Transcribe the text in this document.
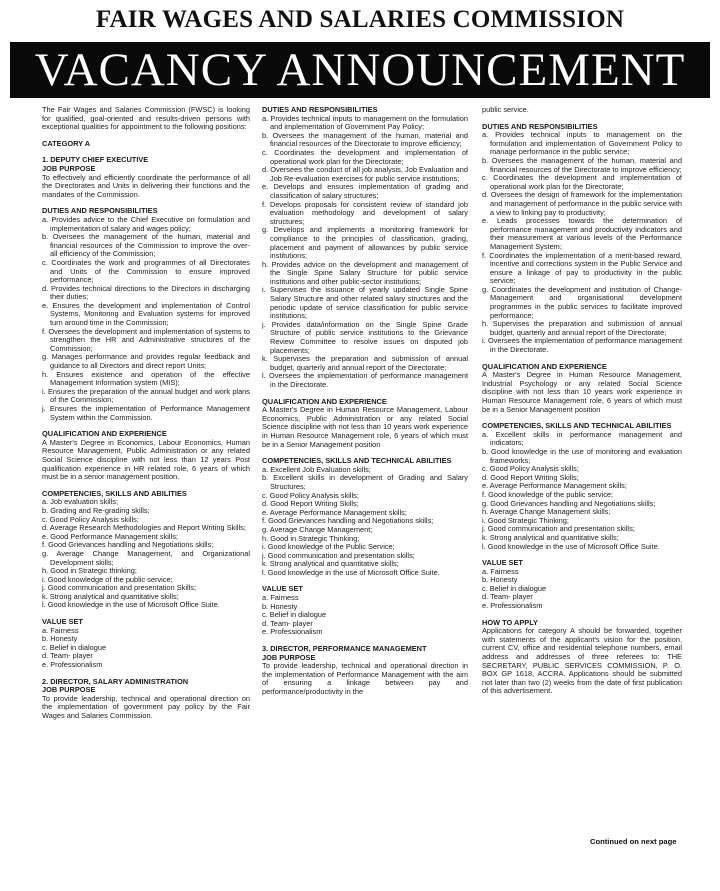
FAIR WAGES AND SALARIES COMMISSION
VACANCY ANNOUNCEMENT

The Fair Wages and Salaries Commission (FWSC) is looking for qualified, goal-oriented and results-driven persons with exceptional qualities for appointment to the following positions:

CATEGORY A
1. DEPUTY CHIEF EXECUTIVE
JOB PURPOSE

To effectively and efficiently coordinate the performance of all the Directorates and Units in delivering their functions and the mandates of the Commission.

DUTIES AND RESPONSIBILITIES
a. Provides advice to the Chief Executive on formulation and implementation of salary and wages policy;
b. Oversees the management of the human, material and financial resources of the Commission to improve the over-all efficiency of the Commission;
c. Coordinates the work and programmes of all Directorates and Units of the Commission to ensure improved performance;
d. Provides technical directions to the Directors in discharging their duties;
e. Ensures the development and implementation of Control Systems, Monitoring and Evaluation systems for improved turn around time in the Commission;
f. Oversees the development and implementation of systems to strengthen the HR and Administrative structures of the Commission;
g. Manages performance and provides regular feedback and guidance to all Directors and direct report Units;
h. Ensures existence and operation of the effective Management Information system (MIS);
i. Ensures the preparation of the annual budget and work plans of the Commission;
j. Ensures the implementation of Performance Management System within the Commission.
QUALIFICATION AND EXPERIENCE

A Master's Degree in Economics, Labour Economics, Human Resource Management, Public Administration or any related Social Science discipline with not less than 12 years Post qualification experience in HR related role, 6 years of which must be in a senior management position.

COMPETENCIES, SKILLS AND ABILITIES
a. Job evaluation skills;
b. Grading and Re-grading skills;
c. Good Policy Analysis skills;
d. Average Research Methodologies and Report Writing Skills;
e. Good Performance Management skills;
f. Good Grievances handling and Negotiations skills;
g. Average Change Management, and Organizational Development skills;
h. Good in Strategic thinking;
i. Good knowledge of the public service;
j. Good communication and presentation Skills;
k. Strong analytical and quantitative skills;
l. Good knowledge in the use of Microsoft Office Suite.
VALUE SET
a. Fairness
b. Honesty
c. Belief in dialogue
d. Team- player
e. Professionalism
2. DIRECTOR, SALARY ADMINISTRATION
JOB PURPOSE

To provide leadership, technical and operational direction on the implementation of government pay policy by the Fair Wages and Salaries Commission.

DUTIES AND RESPONSIBILITIES
a. Provides technical inputs to management on the formulation and implementation of Government Pay Policy;
b. Oversees the management of the human, material and financial resources of the Directorate to improve efficiency;
c. Coordinates the development and implementation of operational work plan for the Directorate;
d. Oversees the conduct of all job analysis, Job Evaluation and Job Re-evaluation exercises for public service institutions;
e. Develops and ensures implementation of grading and classification of salary structures;
f. Develops proposals for consistent review of standard job evaluation methodology and development of salary structures;
g. Develops and implements a monitoring framework for compliance to the principles of classification, grading, placement and payment of allowances by public service institutions;
h. Provides advice on the development and management of the Single Spine Salary Structure for public service institutions and other public-sector institutions;
i. Supervises the issuance of yearly updated Single Spine Salary Structure and other related salary structures and the periodic update of service classification for public service institutions;
j. Provides data/information on the Single Spine Grade Structure of public service institutions to the Grievance Review Committee to resolve issues on disputed job placements;
k. Supervises the preparation and submission of annual budget, quarterly and annual report of the Directorate;
l. Oversees the implementation of performance management in the Directorate.
QUALIFICATION AND EXPERIENCE

A Master's Degree in Human Resource Management, Labour Economics, Public Administration or any related Social Science discipline with not less than 10 years work experience in Human Resource Management role, 6 years of which must be in a Senior Management position

COMPETENCIES, SKILLS AND TECHNICAL ABILITIES
a. Excellent Job Evaluation skills;
b. Excellent skills in development of Grading and Salary Structures;
c. Good Policy Analysis skills;
d. Good Report Writing Skills;
e. Average Performance Management skills;
f. Good Grievances handling and Negotiations skills;
g. Average Change Management;
h. Good in Strategic Thinking;
i. Good knowledge of the Public Service;
j. Good communication and presentation skills;
k. Strong analytical and quantitative skills;
l. Good knowledge in the use of Microsoft Office Suite.
VALUE SET
a. Fairness
b. Honesty
c. Belief in dialogue
d. Team- player
e. Professionalism
3. DIRECTOR, PERFORMANCE MANAGEMENT
JOB PURPOSE

To provide leadership, technical and operational direction in the implementation of Performance Management with the aim of ensuring a linkage between pay and performance/productivity in the

public service.

DUTIES AND RESPONSIBILITIES
a. Provides technical inputs to management on the formulation and implementation of Government Policy to manage performance in the public service;
b. Oversees the management of the human, material and financial resources of the Directorate to improve efficiency;
c. Coordinates the development and implementation of operational work plan for the Directorate;
d. Oversees the design of framework for the implementation and management of performance in the public service with a view to linking pay to productivity;
e. Leads processes towards the determination of performance management and productivity indicators and their measurement at various levels of the Performance Management System;
f. Coordinates the implementation of a merit-based reward, incentive and corrections system in the Public Service and ensure a linkage of pay to productivity in the public service;
g. Coordinates the development and institution of Change-Management and organisational development programmes in the public services to facilitate improved performance;
h. Supervises the preparation and submission of annual budget, quarterly and annual report of the Directorate;
i. Oversees the implementation of performance management in the Directorate.
QUALIFICATION AND EXPERIENCE

A Master's Degree in Human Resource Management, Industrial Psychology or any related Social Science discipline with not less than 10 years work experience in Human Resource Management role, 6 years of which must be in a Senior Management position

COMPETENCIES, SKILLS AND TECHNICAL ABILITIES
a. Excellent skills in performance management and indicators;
b. Good knowledge in the use of monitoring and evaluation frameworks;
c. Good Policy Analysis skills;
d. Good Report Writing Skills;
e. Average Performance Management skills;
f. Good knowledge of the public service;
g. Good Grievances handling and Negotiations skills;
h. Average Change Management skills;
i. Good Strategic Thinking;
j. Good communication and presentation skills;
k. Strong analytical and quantitative skills;
l. Good knowledge in the use of Microsoft Office Suite.
VALUE SET
a. Fairness
b. Honesty
c. Belief in dialogue
d. Team- player
e. Professionalism
HOW TO APPLY

Applications for category A should be forwarded, together with statements of the applicant's vision for the position, current CV, office and residential telephone numbers, email address and addresses of three referees to: THE SECRETARY, PUBLIC SERVICES COMMISSION, P. O. BOX GP 1618, ACCRA. Applications should be submitted not later than two (2) weeks from the date of first publication of this advertisement.

Continued on next page
